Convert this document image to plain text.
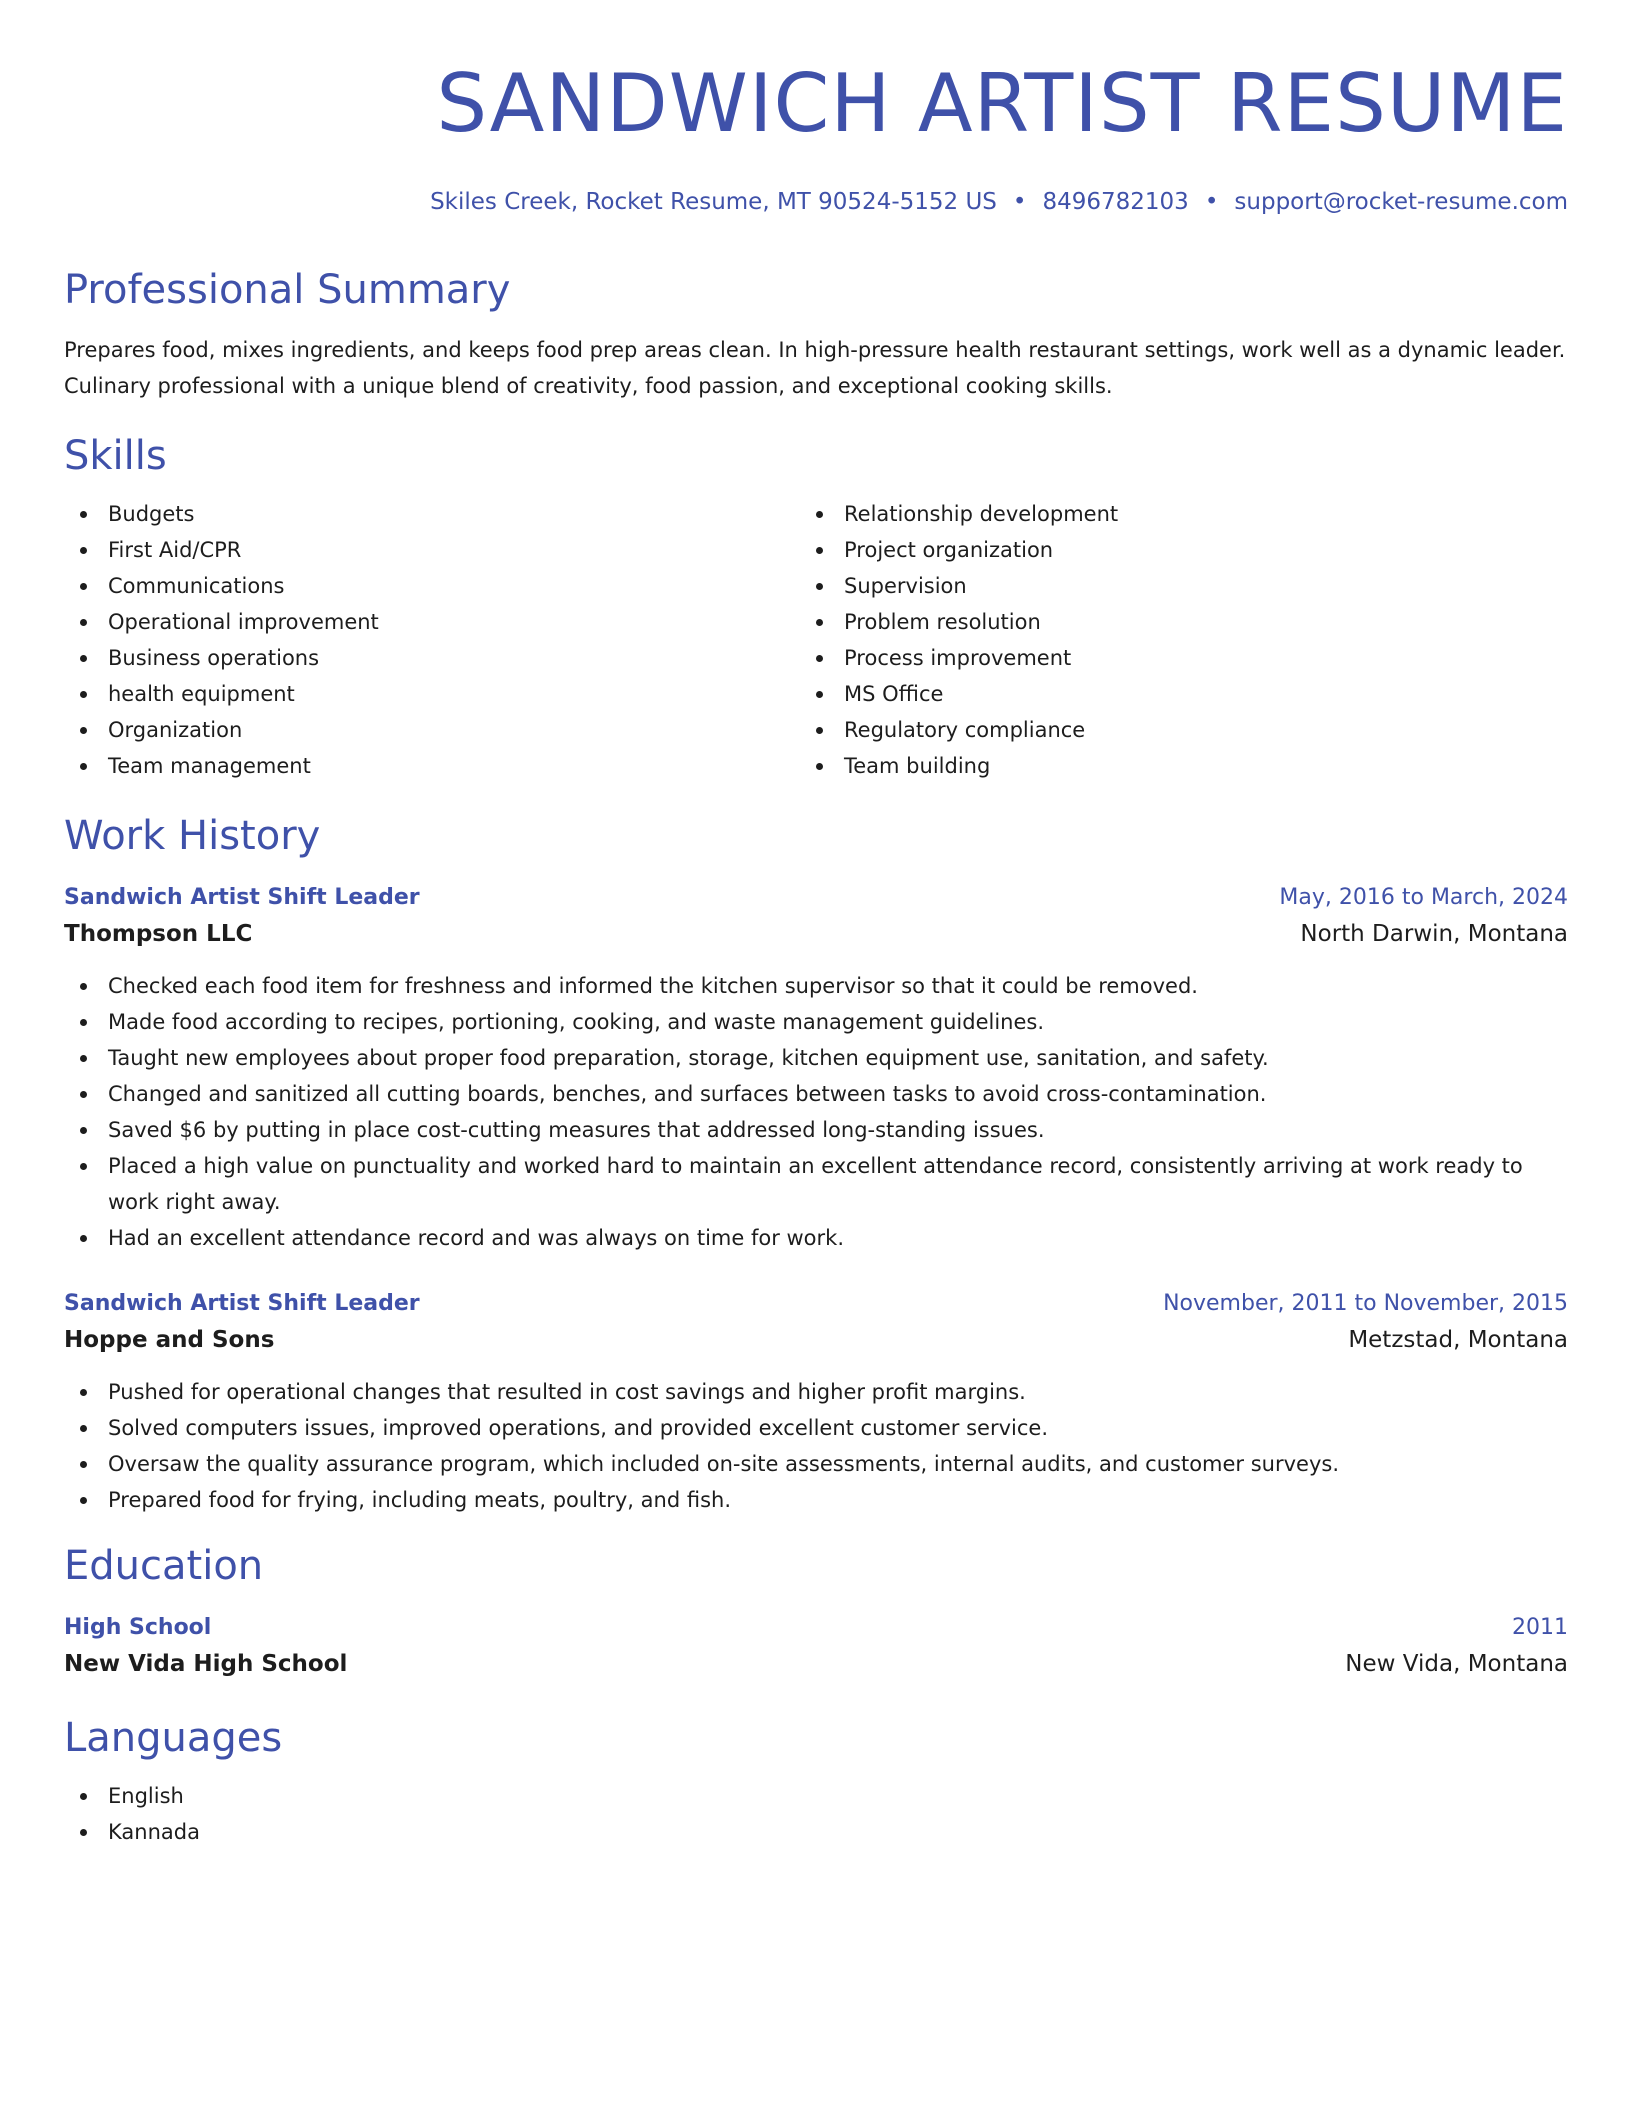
SANDWICH ARTIST RESUME
Skiles Creek, Rocket Resume, MT 90524-5152 US • 8496782103 • support@rocket-resume.com
Professional Summary

Prepares food, mixes ingredients, and keeps food prep areas clean. In high-pressure health restaurant settings, work well as a dynamic leader. Culinary professional with a unique blend of creativity, food passion, and exceptional cooking skills.

Skills
Budgets
First Aid/CPR
Communications
Operational improvement
Business operations
health equipment
Organization
Team management
Relationship development
Project organization
Supervision
Problem resolution
Process improvement
MS Office
Regulatory compliance
Team building
Work History
Sandwich Artist Shift Leader	May, 2016 to March, 2024
Thompson LLC	North Darwin, Montana
Checked each food item for freshness and informed the kitchen supervisor so that it could be removed.
Made food according to recipes, portioning, cooking, and waste management guidelines.
Taught new employees about proper food preparation, storage, kitchen equipment use, sanitation, and safety.
Changed and sanitized all cutting boards, benches, and surfaces between tasks to avoid cross-contamination.
Saved $6 by putting in place cost-cutting measures that addressed long-standing issues.
Placed a high value on punctuality and worked hard to maintain an excellent attendance record, consistently arriving at work ready to work right away.
Had an excellent attendance record and was always on time for work.
Sandwich Artist Shift Leader	November, 2011 to November, 2015
Hoppe and Sons	Metzstad, Montana
Pushed for operational changes that resulted in cost savings and higher profit margins.
Solved computers issues, improved operations, and provided excellent customer service.
Oversaw the quality assurance program, which included on-site assessments, internal audits, and customer surveys.
Prepared food for frying, including meats, poultry, and fish.
Education
High School	2011
New Vida High School	New Vida, Montana
Languages
English
Kannada
